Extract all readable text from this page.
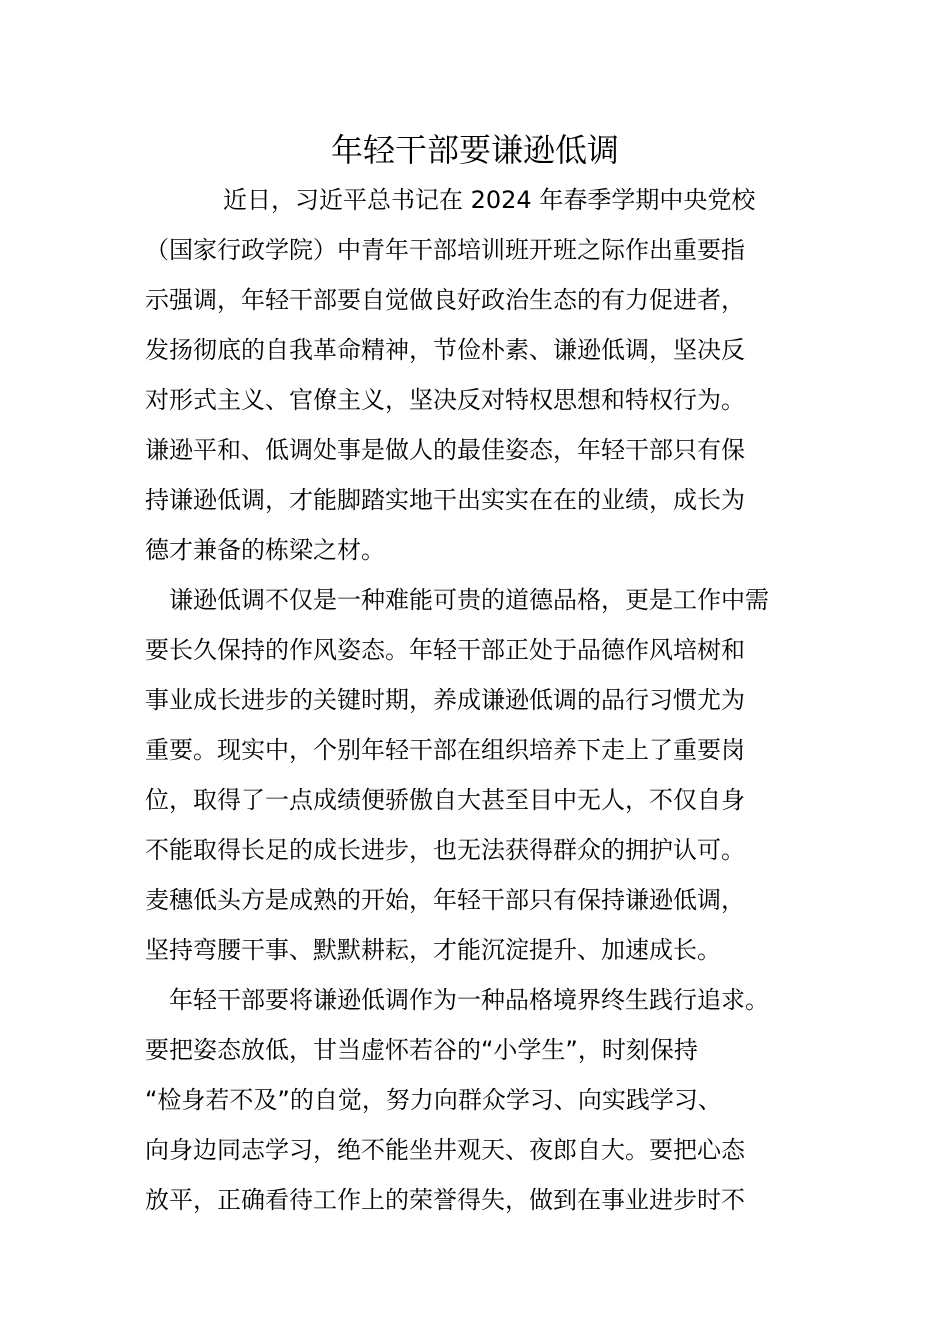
年轻干部要谦逊低调
近日，习近平总书记在 2024 年春季学期中央党校
（国家行政学院）中青年干部培训班开班之际作出重要指
示强调，年轻干部要自觉做良好政治生态的有力促进者，
发扬彻底的自我革命精神，节俭朴素、谦逊低调，坚决反
对形式主义、官僚主义，坚决反对特权思想和特权行为。
谦逊平和、低调处事是做人的最佳姿态，年轻干部只有保
持谦逊低调，才能脚踏实地干出实实在在的业绩，成长为
德才兼备的栋梁之材。
谦逊低调不仅是一种难能可贵的道德品格，更是工作中需
要长久保持的作风姿态。年轻干部正处于品德作风培树和
事业成长进步的关键时期，养成谦逊低调的品行习惯尤为
重要。现实中，个别年轻干部在组织培养下走上了重要岗
位，取得了一点成绩便骄傲自大甚至目中无人，不仅自身
不能取得长足的成长进步，也无法获得群众的拥护认可。
麦穗低头方是成熟的开始，年轻干部只有保持谦逊低调，
坚持弯腰干事、默默耕耘，才能沉淀提升、加速成长。
年轻干部要将谦逊低调作为一种品格境界终生践行追求。
要把姿态放低，甘当虚怀若谷的“小学生”，时刻保持
“检身若不及”的自觉，努力向群众学习、向实践学习、
向身边同志学习，绝不能坐井观天、夜郎自大。要把心态
放平，正确看待工作上的荣誉得失，做到在事业进步时不
